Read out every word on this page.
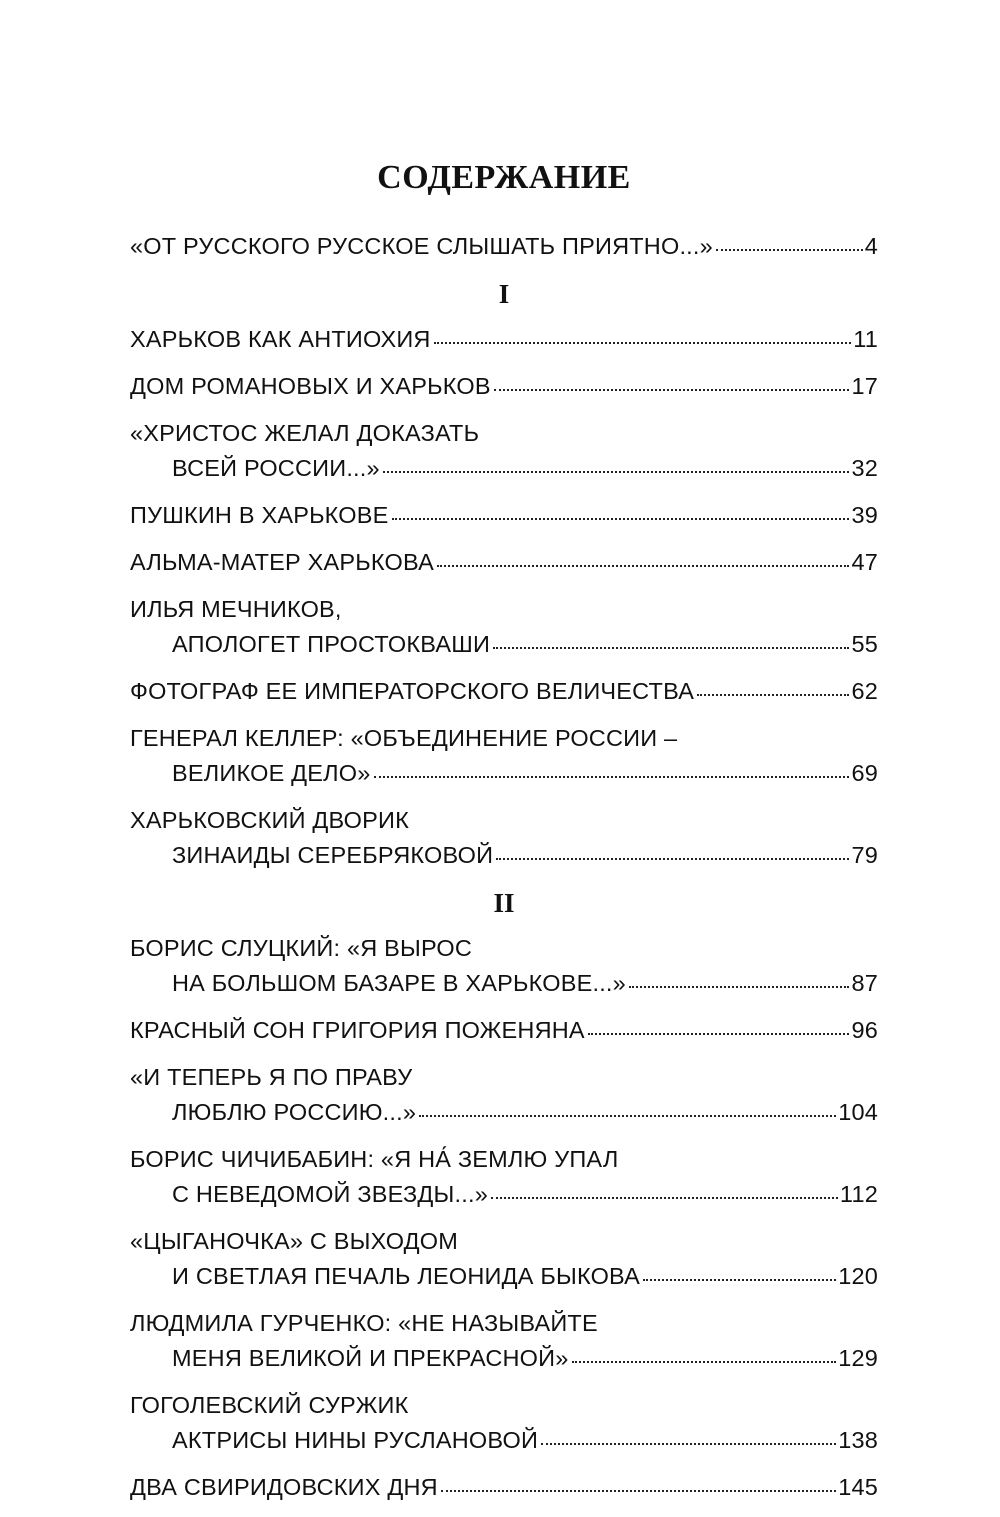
СОДЕРЖАНИЕ
«ОТ РУССКОГО РУССКОЕ СЛЫШАТЬ ПРИЯТНО...»	4
I
ХАРЬКОВ КАК АНТИОХИЯ	11
ДОМ РОМАНОВЫХ И ХАРЬКОВ	17
«ХРИСТОС ЖЕЛАЛ ДОКАЗАТЬ
ВСЕЙ РОССИИ...»	32
ПУШКИН В ХАРЬКОВЕ	39
АЛЬМА-МАТЕР ХАРЬКОВА	47
ИЛЬЯ МЕЧНИКОВ,
АПОЛОГЕТ ПРОСТОКВАШИ	55
ФОТОГРАФ ЕЕ ИМПЕРАТОРСКОГО ВЕЛИЧЕСТВА	62
ГЕНЕРАЛ КЕЛЛЕР: «ОБЪЕДИНЕНИЕ РОССИИ –
ВЕЛИКОЕ ДЕЛО»	69
ХАРЬКОВСКИЙ ДВОРИК
ЗИНАИДЫ СЕРЕБРЯКОВОЙ	79
II
БОРИС СЛУЦКИЙ: «Я ВЫРОС
НА БОЛЬШОМ БАЗАРЕ В ХАРЬКОВЕ...»	87
КРАСНЫЙ СОН ГРИГОРИЯ ПОЖЕНЯНА	96
«И ТЕПЕРЬ Я ПО ПРАВУ
ЛЮБЛЮ РОССИЮ...»	104
БОРИС ЧИЧИБАБИН: «Я НА́ ЗЕМЛЮ УПАЛ
С НЕВЕДОМОЙ ЗВЕЗДЫ...»	112
«ЦЫГАНОЧКА» С ВЫХОДОМ
И СВЕТЛАЯ ПЕЧАЛЬ ЛЕОНИДА БЫКОВА	120
ЛЮДМИЛА ГУРЧЕНКО: «НЕ НАЗЫВАЙТЕ
МЕНЯ ВЕЛИКОЙ И ПРЕКРАСНОЙ»	129
ГОГОЛЕВСКИЙ СУРЖИК
АКТРИСЫ НИНЫ РУСЛАНОВОЙ	138
ДВА СВИРИДОВСКИХ ДНЯ	145
